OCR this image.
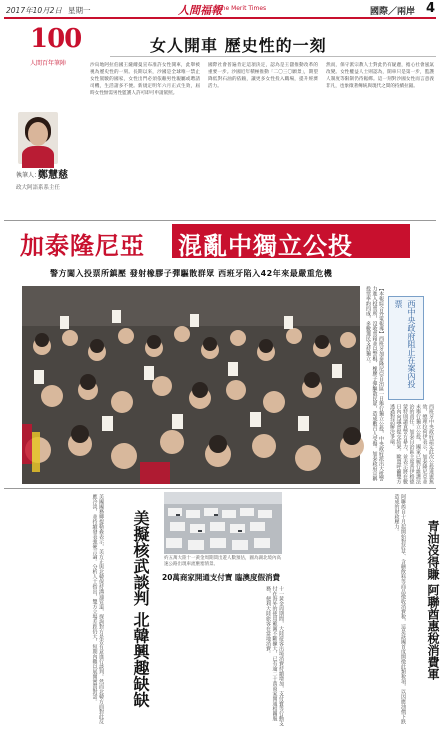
2017年10月2日 星期一	人間福報
The Merit Times	國際／兩岸 4
100
人間百年筆陣
女人開車 歷史性的一刻
執筆人：
鄭慧慈
政大阿語系系主任
沙烏地阿拉伯國王薩爾曼宣布准許女性開車，此舉被視為歷史性的一刻。長期以來，沙國是全球唯一禁止女性駕駛的國家，女性出門必須依賴男性親屬或聘請司機，生活諸多不便。新規定明年六月正式生效，屆時女性無需男性監護人許可即可申請駕照。
國際社會普遍肯定這項決定，認為是王儲推動改革的重要一步。沙國近年積極推動「二〇三〇願景」，期望降低對石油的依賴，讓更多女性投入職場，提升經濟活力。
然而，保守派宗教人士對此仍有疑慮，擔心社會風氣改變。女性權益人士則認為，開車只是第一步，監護人制度等限制仍待鬆綁。這一刻對沙國女性而言意義非凡，也象徵著傳統與現代之間的持續拉鋸。
加泰隆尼亞 混亂中獨立公投
警方闖入投票所鎮壓 發射橡膠子彈驅散群眾 西班牙陷入42年來最嚴重危機
【本報綜合外電報導】西班牙加泰隆尼亞自治區一日舉行獨立公投，中央政府派出大批警力進入投票所，沒收票箱並以警棍、橡膠子彈驅散民眾，造成數百人受傷。加泰政府宣稱投票率約四成，多數選民支持獨立。	西中央政府阻止在案內投票
西班牙中央政府認定此次公投違憲無效，總理拉荷伊表示，加泰隆尼亞並未舉行獨立公投，國家已履行維護法治的責任。加泰自治區主席普伊格德蒙特則譴責警方暴力，並表示將在數日內向議會提交結果。歐盟呼籲雙方透過對話解決爭端。
美國國務卿提勒森表示，美方正與北韓保持溝通管道，探詢對方是否有意進行談判。然而北韓方面對此反應冷淡，並持續發表強硬言論。分析人士指出，雙方立場差距仍大，短期內難以展開實質對話。	美擬核武談判 北韓興趣缺缺	約五萬大陸十一黃金周期間出遊人數預估，圖為湖北境內高速公路出現車流壅塞情景。
20萬商家開通支付寶 臨澳度假消費
十一黃金周期間，大陸遊客出境消費持續增加，支付寶等行動支付在海外的使用範圍不斷擴大，已有逾二十萬商家開通相關服務，便利大陸旅客在當地消費。	阿聯酋自十月起開始對菸草、含糖飲料等商品徵收消費稅，這是該國首度開徵此類稅項，以因應油價下跌造成的財政壓力。
青油沒得賺 阿聯酋惠稅消費軍
